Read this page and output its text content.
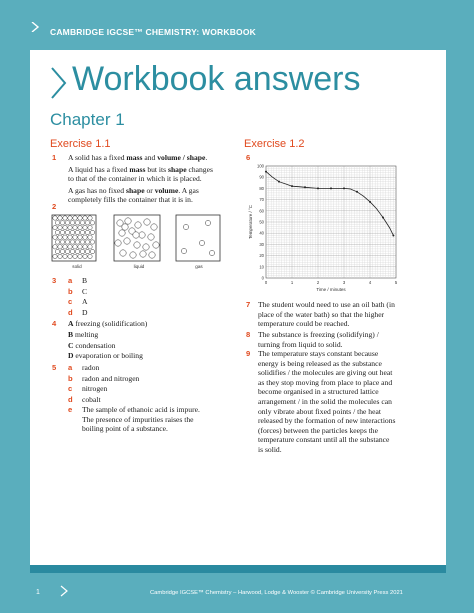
CAMBRIDGE IGCSE™ CHEMISTRY: WORKBOOK
Workbook answers
Chapter 1
Exercise 1.1
1 A solid has a fixed mass and volume / shape.
A liquid has a fixed mass but its shape changes
to that of the container in which it is placed.
A gas has no fixed shape or volume. A gas
completely fills the container that it is in.
2
solid	liquid	gas
3
4
5
e The sample of ethanoic acid is impure.
The presence of impurities raises the
boiling point of a substance.
Exercise 1.2
6
0
10
20
30
40
50
60
70
80
90
100
0	1	2	3	4	5
Time / minutes
Temperature / °C
7 The student would need to use an oil bath (in
place of the water bath) so that the higher
temperature could be reached.
8 The substance is freezing (solidifying) /
turning from liquid to solid.
9 The temperature stays constant because
energy is being released as the substance
solidifies / the molecules are giving out heat
as they stop moving from place to place and
become organised in a structured lattice
arrangement / in the solid the molecules can
only vibrate about fixed points / the heat
released by the formation of new interactions
(forces) between the particles keeps the
temperature constant until all the substance
is solid.
1	Cambridge IGCSE™ Chemistry – Harwood, Lodge & Wooster © Cambridge University Press 2021
a B
b C
c A
d D
A freezing (solidification)
B melting
C condensation
D evaporation or boiling
a radon
b radon and nitrogen
c nitrogen
d cobalt
